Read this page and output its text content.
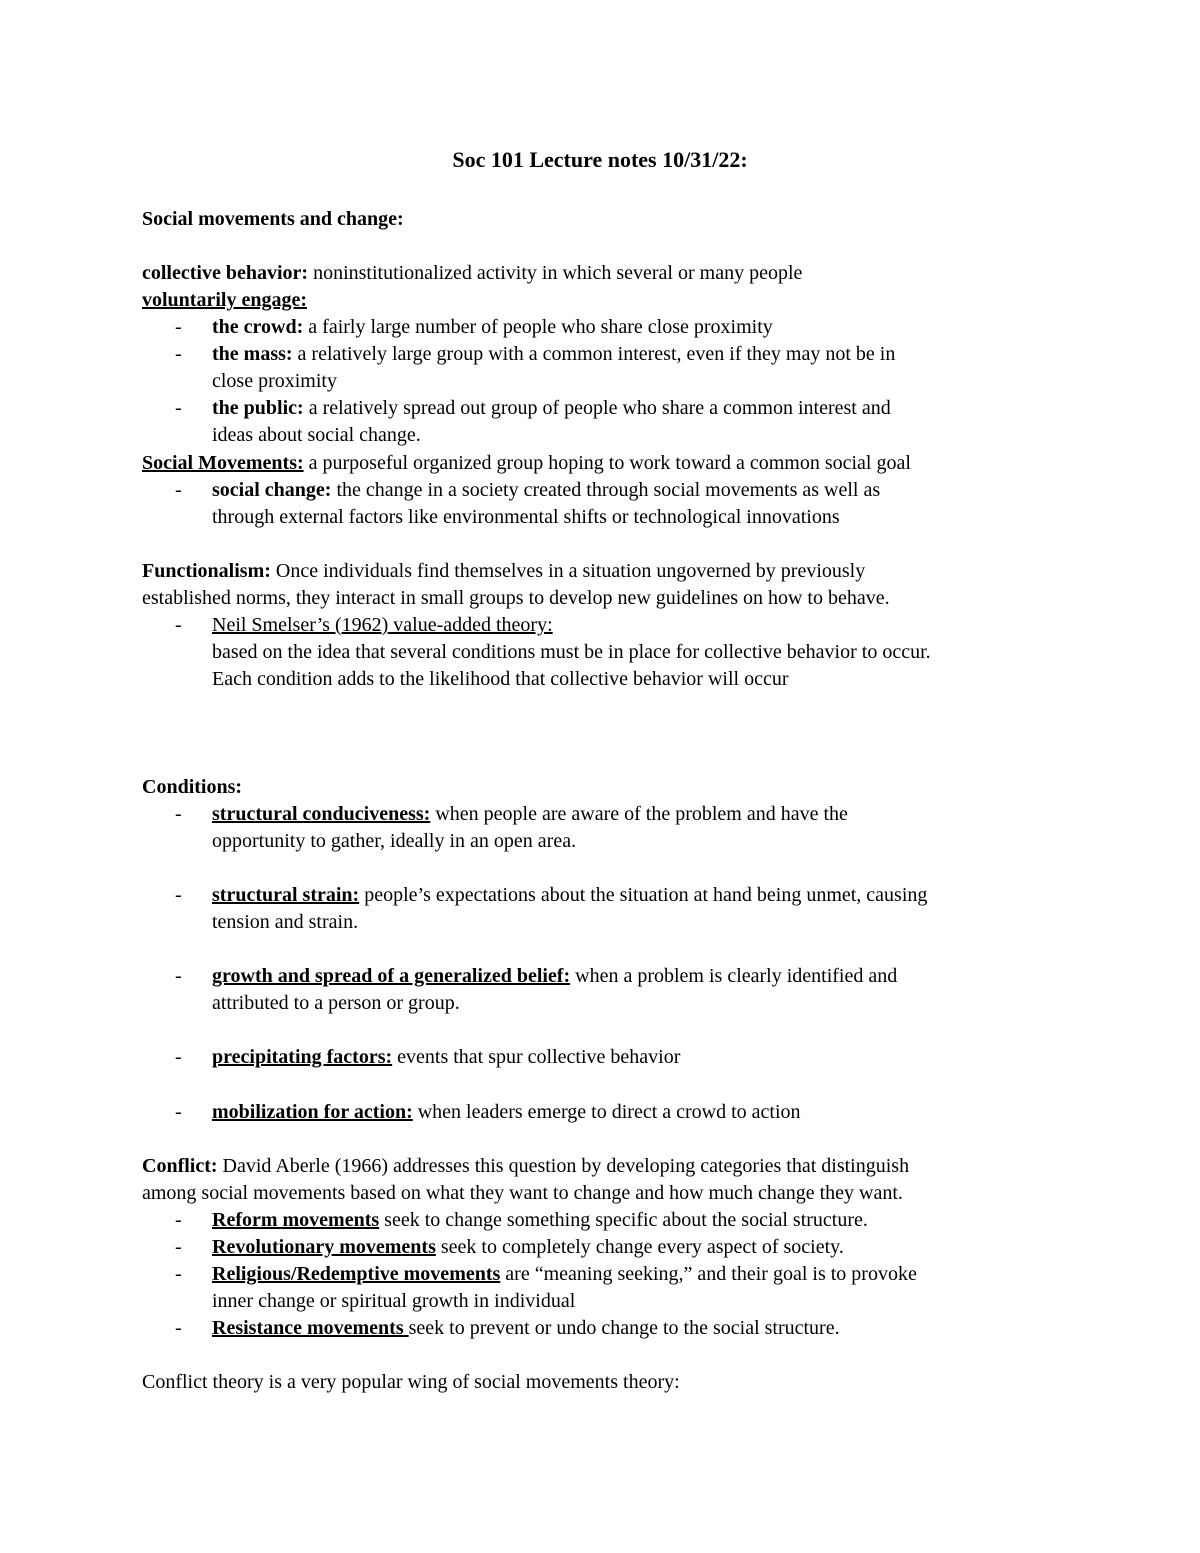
Soc 101 Lecture notes 10/31/22:

Social movements and change:

collective behavior: noninstitutionalized activity in which several or many people

voluntarily engage:

- the crowd: a fairly large number of people who share close proximity
- the mass: a relatively large group with a common interest, even if they may not be in
close proximity
- the public: a relatively spread out group of people who share a common interest and
ideas about social change.

Social Movements: a purposeful organized group hoping to work toward a common social goal

- social change: the change in a society created through social movements as well as
through external factors like environmental shifts or technological innovations

Functionalism: Once individuals find themselves in a situation ungoverned by previously

established norms, they interact in small groups to develop new guidelines on how to behave.

- Neil Smelser’s (1962) value-added theory:
based on the idea that several conditions must be in place for collective behavior to occur.
Each condition adds to the likelihood that collective behavior will occur

Conditions:

- structural conduciveness: when people are aware of the problem and have the
opportunity to gather, ideally in an open area.
- structural strain: people’s expectations about the situation at hand being unmet, causing
tension and strain.
- growth and spread of a generalized belief: when a problem is clearly identified and
attributed to a person or group.
- precipitating factors: events that spur collective behavior
- mobilization for action: when leaders emerge to direct a crowd to action

Conflict: David Aberle (1966) addresses this question by developing categories that distinguish

among social movements based on what they want to change and how much change they want.

- Reform movements seek to change something specific about the social structure.
- Revolutionary movements seek to completely change every aspect of society.
- Religious/Redemptive movements are “meaning seeking,” and their goal is to provoke
inner change or spiritual growth in individual
- Resistance movements seek to prevent or undo change to the social structure.

Conflict theory is a very popular wing of social movements theory:
